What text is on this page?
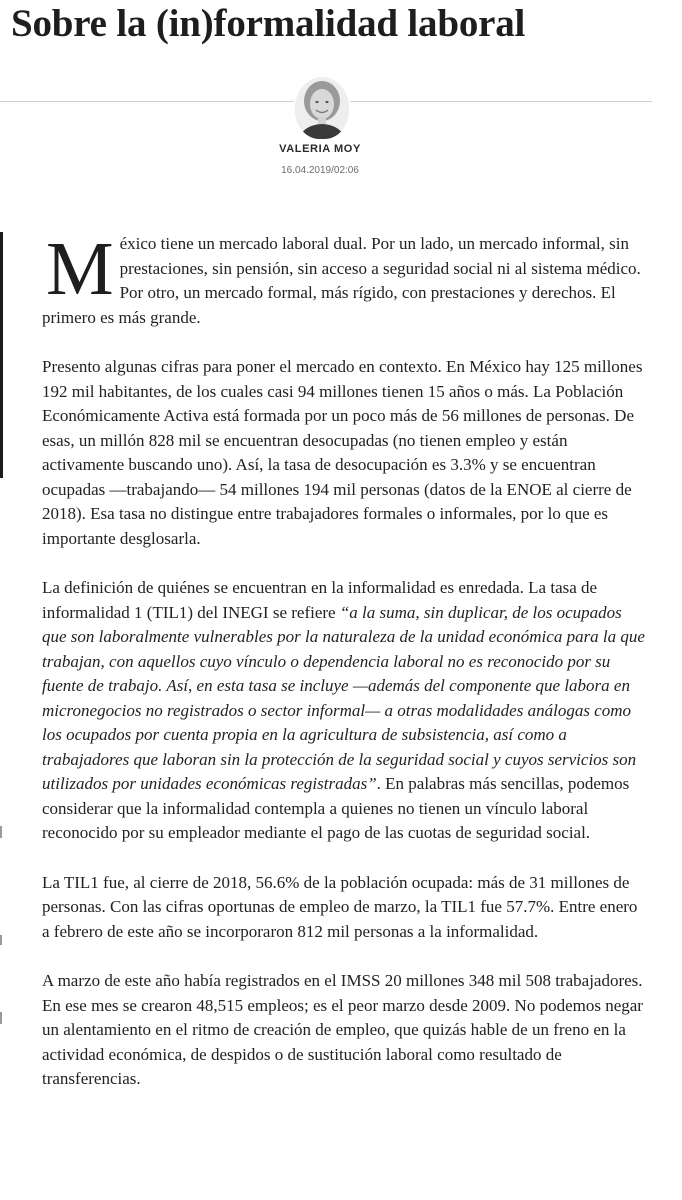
Sobre la (in)formalidad laboral
VALERIA MOY
16.04.2019/02:06

México tiene un mercado laboral dual. Por un lado, un mercado informal, sin prestaciones, sin pensión, sin acceso a seguridad social ni al sistema médico. Por otro, un mercado formal, más rígido, con prestaciones y derechos. El primero es más grande.

Presento algunas cifras para poner el mercado en contexto. En México hay 125 millones 192 mil habitantes, de los cuales casi 94 millones tienen 15 años o más. La Población Económicamente Activa está formada por un poco más de 56 millones de personas. De esas, un millón 828 mil se encuentran desocupadas (no tienen empleo y están activamente buscando uno). Así, la tasa de desocupación es 3.3% y se encuentran ocupadas —trabajando— 54 millones 194 mil personas (datos de la ENOE al cierre de 2018). Esa tasa no distingue entre trabajadores formales o informales, por lo que es importante desglosarla.

La definición de quiénes se encuentran en la informalidad es enredada. La tasa de informalidad 1 (TIL1) del INEGI se refiere “a la suma, sin duplicar, de los ocupados que son laboralmente vulnerables por la naturaleza de la unidad económica para la que trabajan, con aquellos cuyo vínculo o dependencia laboral no es reconocido por su fuente de trabajo. Así, en esta tasa se incluye —además del componente que labora en micronegocios no registrados o sector informal— a otras modalidades análogas como los ocupados por cuenta propia en la agricultura de subsistencia, así como a trabajadores que laboran sin la protección de la seguridad social y cuyos servicios son utilizados por unidades económicas registradas”. En palabras más sencillas, podemos considerar que la informalidad contempla a quienes no tienen un vínculo laboral reconocido por su empleador mediante el pago de las cuotas de seguridad social.

La TIL1 fue, al cierre de 2018, 56.6% de la población ocupada: más de 31 millones de personas. Con las cifras oportunas de empleo de marzo, la TIL1 fue 57.7%. Entre enero a febrero de este año se incorporaron 812 mil personas a la informalidad.

A marzo de este año había registrados en el IMSS 20 millones 348 mil 508 trabajadores. En ese mes se crearon 48,515 empleos; es el peor marzo desde 2009. No podemos negar un alentamiento en el ritmo de creación de empleo, que quizás hable de un freno en la actividad económica, de despidos o de sustitución laboral como resultado de transferencias.
